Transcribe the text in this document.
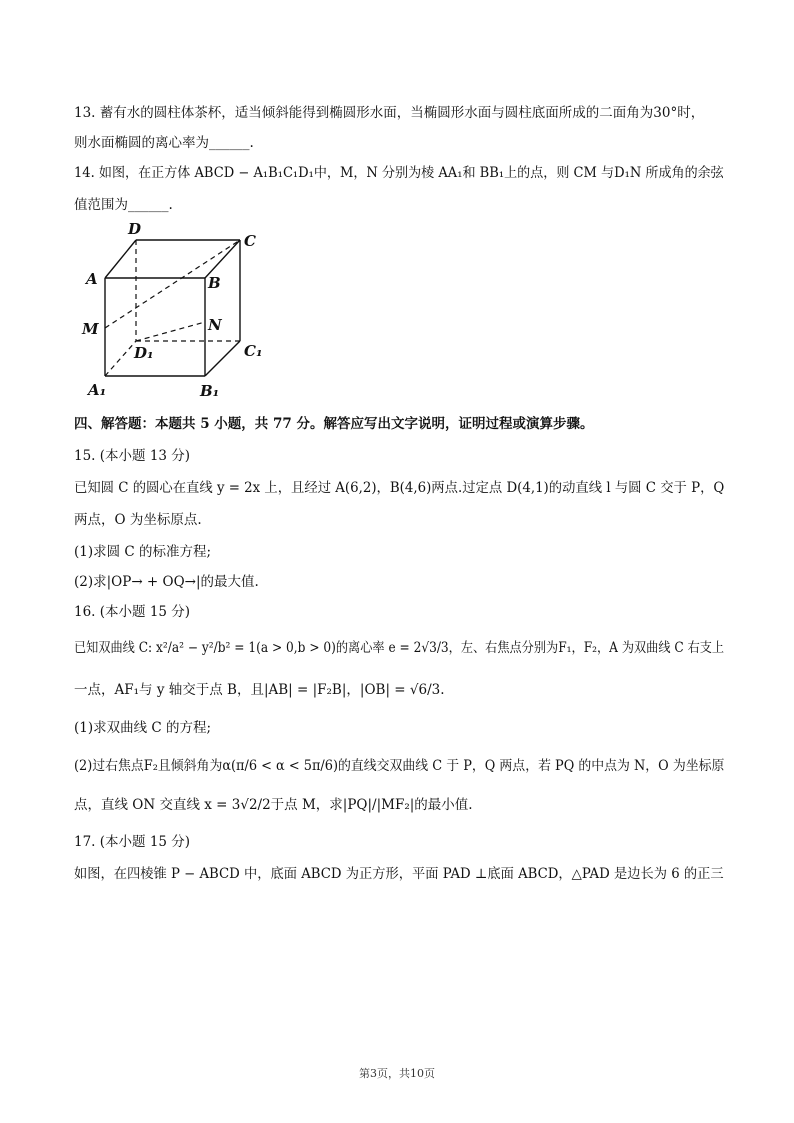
13. 蓄有水的圆柱体茶杯，适当倾斜能得到椭圆形水面，当椭圆形水面与圆柱底面所成的二面角为30°时，
则水面椭圆的离心率为______.
14. 如图，在正方体 ABCD − A₁B₁C₁D₁中，M，N 分别为棱 AA₁和 BB₁上的点，则 CM 与D₁N 所成角的余弦
值范围为______.
D
C
A	B
M	N
D₁	C₁
A₁	B₁
四、解答题：本题共 5 小题，共 77 分。解答应写出文字说明，证明过程或演算步骤。
15. (本小题 13 分)
已知圆 C 的圆心在直线 y = 2x 上，且经过 A(6,2)，B(4,6)两点.过定点 D(4,1)的动直线 l 与圆 C 交于 P，Q
两点，O 为坐标原点.
(1)求圆 C 的标准方程;
(2)求|OP→ + OQ→|的最大值.
16. (本小题 15 分)
已知双曲线 C: x²/a² − y²/b² = 1(a > 0,b > 0)的离心率 e = 2√3/3，左、右焦点分别为F₁，F₂，A 为双曲线 C 右支上
一点，AF₁与 y 轴交于点 B，且|AB| = |F₂B|，|OB| = √6/3.
(1)求双曲线 C 的方程;
(2)过右焦点F₂且倾斜角为α(π/6 < α < 5π/6)的直线交双曲线 C 于 P，Q 两点，若 PQ 的中点为 N，O 为坐标原
点，直线 ON 交直线 x = 3√2/2于点 M，求|PQ|/|MF₂|的最小值.
17. (本小题 15 分)
如图，在四棱锥 P − ABCD 中，底面 ABCD 为正方形，平面 PAD ⊥底面 ABCD，△PAD 是边长为 6 的正三
第3页，共10页
